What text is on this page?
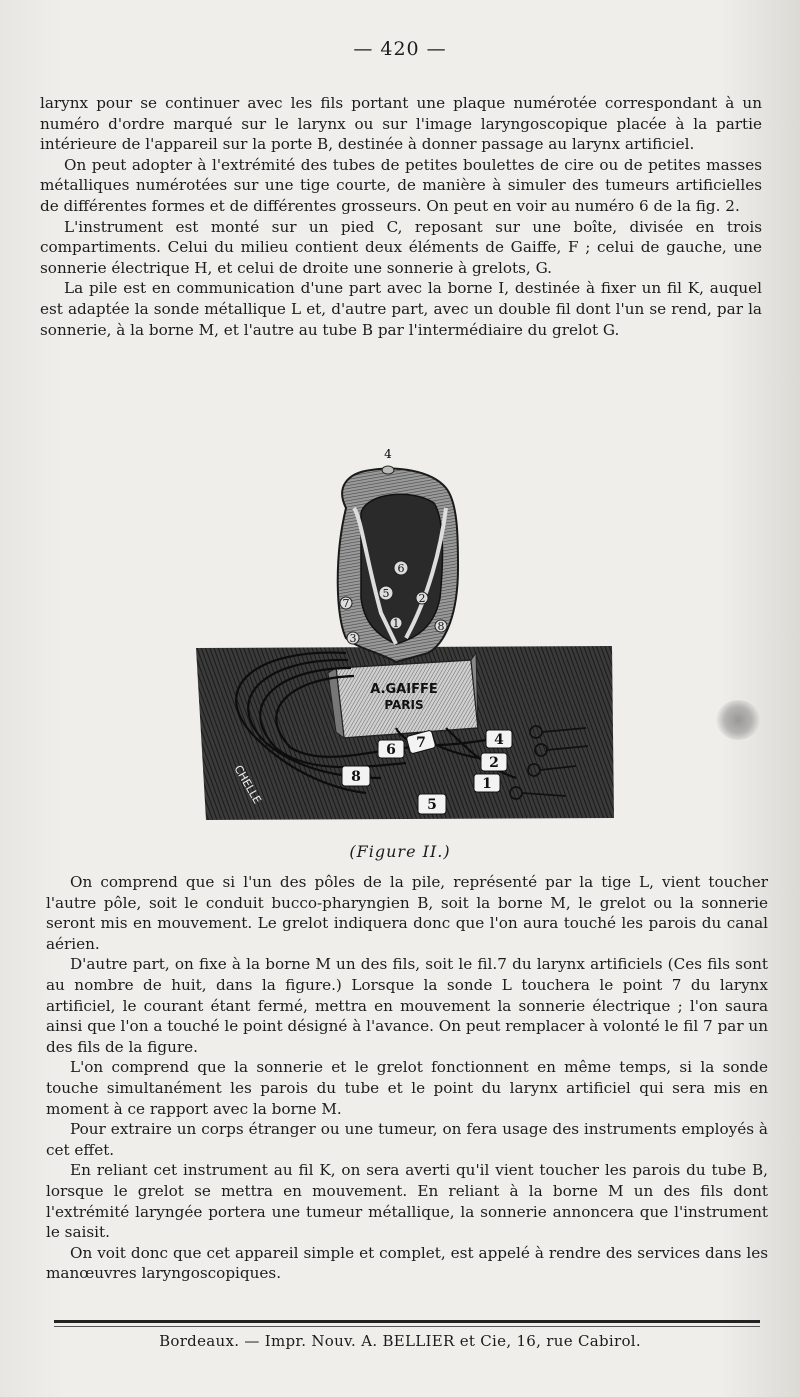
— 420 —

larynx pour se continuer avec les fils portant une plaque numérotée correspondant à un numéro d'ordre marqué sur le larynx ou sur l'image laryngoscopique placée à la partie intérieure de l'appareil sur la porte B, destinée à donner passage au larynx artificiel.

On peut adopter à l'extrémité des tubes de petites boulettes de cire ou de petites masses métalliques numérotées sur une tige courte, de manière à simuler des tumeurs artificielles de différentes formes et de différentes grosseurs. On peut en voir au numéro 6 de la fig. 2.

L'instrument est monté sur un pied C, reposant sur une boîte, divisée en trois compartiments. Celui du milieu contient deux éléments de Gaiffe, F ; celui de gauche, une sonnerie électrique H, et celui de droite une sonnerie à grelots, G.

La pile est en communication d'une part avec la borne I, destinée à fixer un fil K, auquel est adaptée la sonde métallique L et, d'autre part, avec un double fil dont l'un se rend, par la sonnerie, à la borne M, et l'autre au tube B par l'intermédiaire du grelot G.

6
5
7	2
1
3
8
4
A.GAIFFE
PARIS
7
6
4
2
8	1
5
CHELLE
(Figure II.)

On comprend que si l'un des pôles de la pile, représenté par la tige L, vient toucher l'autre pôle, soit le conduit bucco-pharyngien B, soit la borne M, le grelot ou la sonnerie seront mis en mouvement. Le grelot indiquera donc que l'on aura touché les parois du canal aérien.

D'autre part, on fixe à la borne M un des fils, soit le fil.7 du larynx artificiels (Ces fils sont au nombre de huit, dans la figure.) Lorsque la sonde L touchera le point 7 du larynx artificiel, le courant étant fermé, mettra en mouvement la sonnerie électrique ; l'on saura ainsi que l'on a touché le point désigné à l'avance. On peut remplacer à volonté le fil 7 par un des fils de la figure.

L'on comprend que la sonnerie et le grelot fonctionnent en même temps, si la sonde touche simultanément les parois du tube et le point du larynx artificiel qui sera mis en moment à ce rapport avec la borne M.

Pour extraire un corps étranger ou une tumeur, on fera usage des instruments employés à cet effet.

En reliant cet instrument au fil K, on sera averti qu'il vient toucher les parois du tube B, lorsque le grelot se mettra en mouvement. En reliant à la borne M un des fils dont l'extrémité laryngée portera une tumeur métallique, la sonnerie annoncera que l'instrument le saisit.

On voit donc que cet appareil simple et complet, est appelé à rendre des services dans les manœuvres laryngoscopiques.

Bordeaux. — Impr. Nouv. A. BELLIER et Cie, 16, rue Cabirol.
